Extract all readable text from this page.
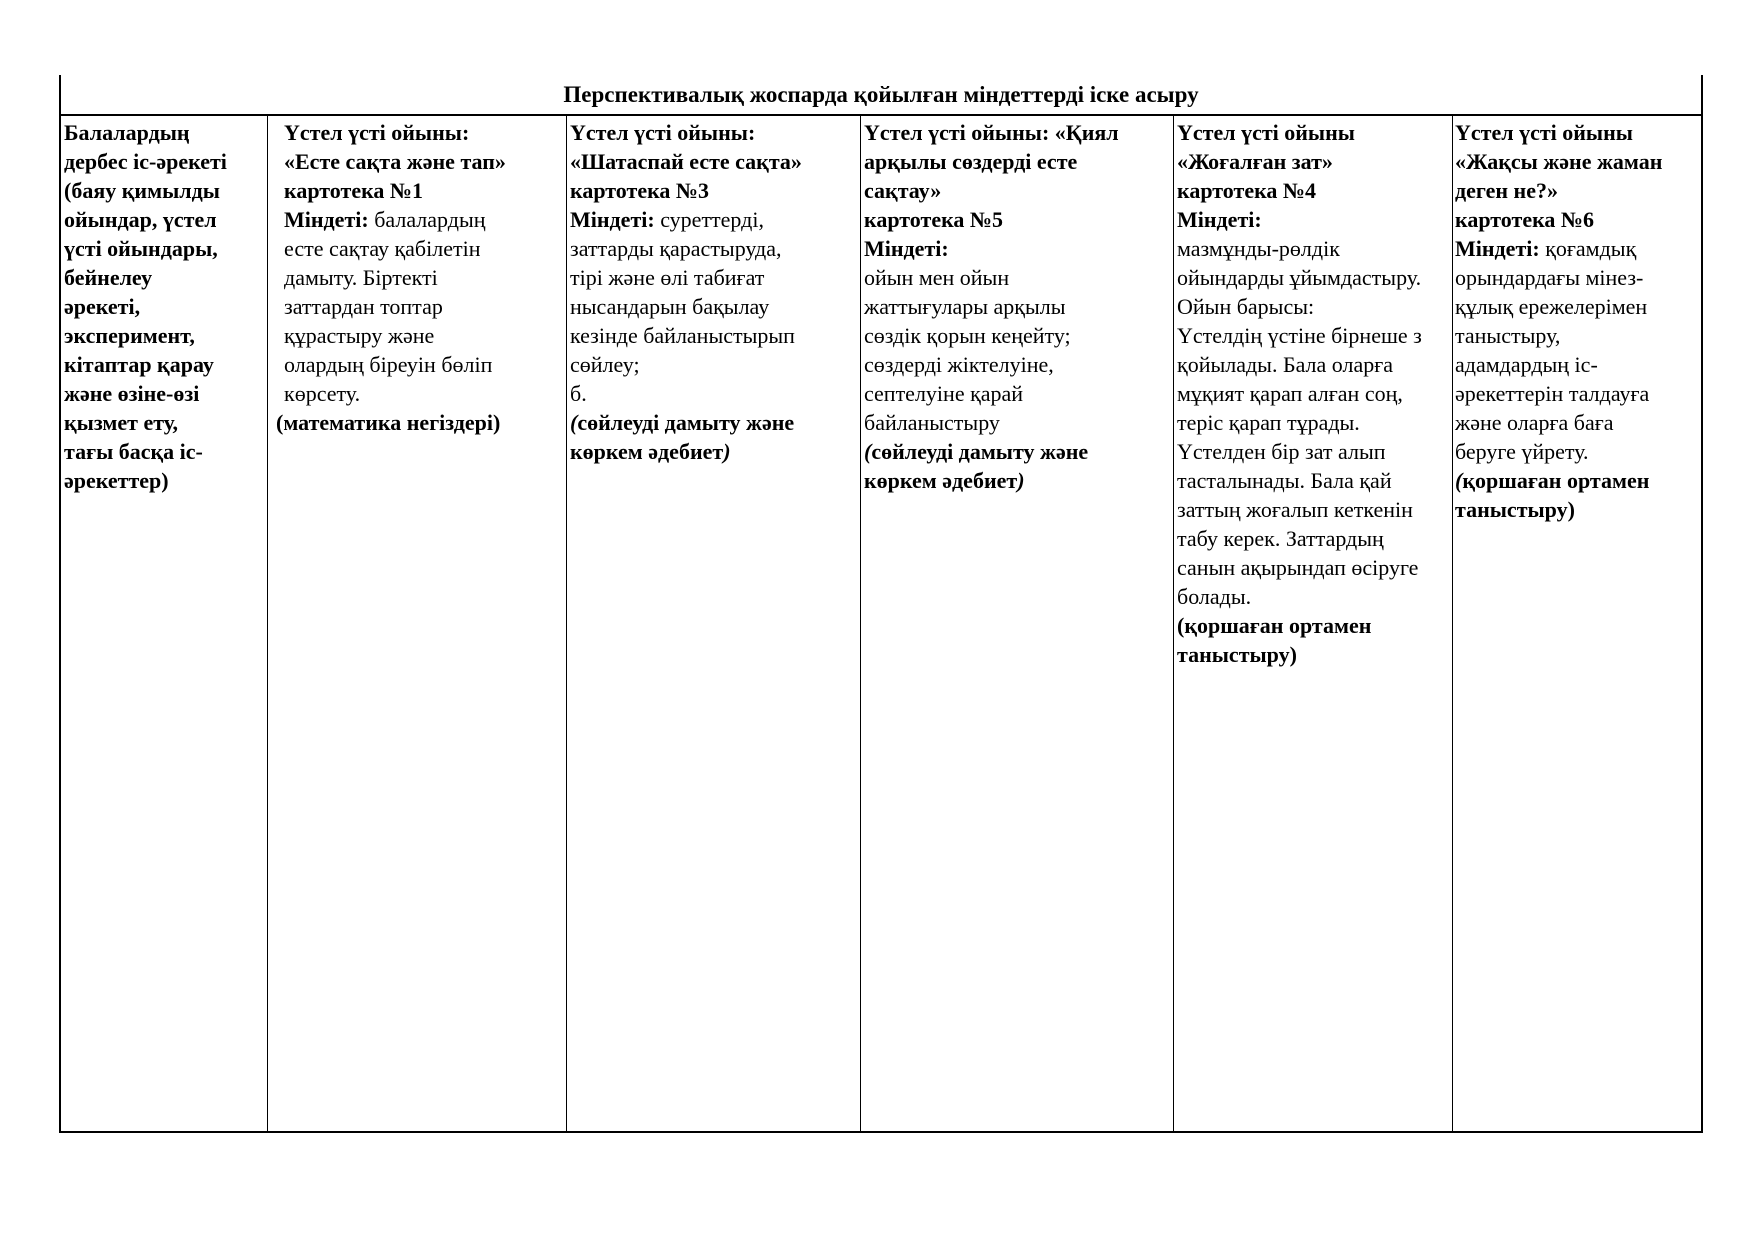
Перспективалық жоспарда қойылған міндеттерді іске асыру
Балалардың
дербес іс-әрекеті
(баяу қимылды
ойындар, үстел
үсті ойындары,
бейнелеу
әрекеті,
эксперимент,
кітаптар қарау
және өзіне-өзі
қызмет ету,
тағы басқа іс-
әрекеттер)
Үстел үсті ойыны:
«Есте сақта және тап»
картотека №1
Міндеті: балалардың
есте сақтау қабілетін
дамыту. Біртекті
заттардан топтар
құрастыру және
олардың біреуін бөліп
көрсету.
(математика негіздері)
Үстел үсті ойыны:
«Шатаспай есте сақта»
картотека №3
Міндеті: суреттерді,
заттарды қарастыруда,
тірі және өлі табиғат
нысандарын бақылау
кезінде байланыстырып
сөйлеу;
б.
(сөйлеуді дамыту және
көркем әдебиет)
Үстел үсті ойыны: «Қиял
арқылы сөздерді есте
сақтау»
картотека №5
Міндеті:
ойын мен ойын
жаттығулары арқылы
сөздік қорын кеңейту;
сөздерді жіктелуіне,
септелуіне қарай
байланыстыру
(сөйлеуді дамыту және
көркем әдебиет)
Үстел үсті ойыны
«Жоғалған зат»
картотека №4
Міндеті:
мазмұнды-рөлдік
ойындарды ұйымдастыру.
Ойын барысы:
Үстелдің үстіне бірнеше з
қойылады. Бала оларға
мұқият қарап алған соң,
теріс қарап тұрады.
Үстелден бір зат алып
тасталынады. Бала қай
заттың жоғалып кеткенін
табу керек. Заттардың
санын ақырындап өсіруге
болады.
(қоршаған ортамен
таныстыру)
Үстел үсті ойыны
«Жақсы және жаман
деген не?»
картотека №6
Міндеті: қоғамдық
орындардағы мінез-
құлық ережелерімен
таныстыру,
адамдардың іс-
әрекеттерін талдауға
және оларға баға
беруге үйрету.
(қоршаған ортамен
таныстыру)
